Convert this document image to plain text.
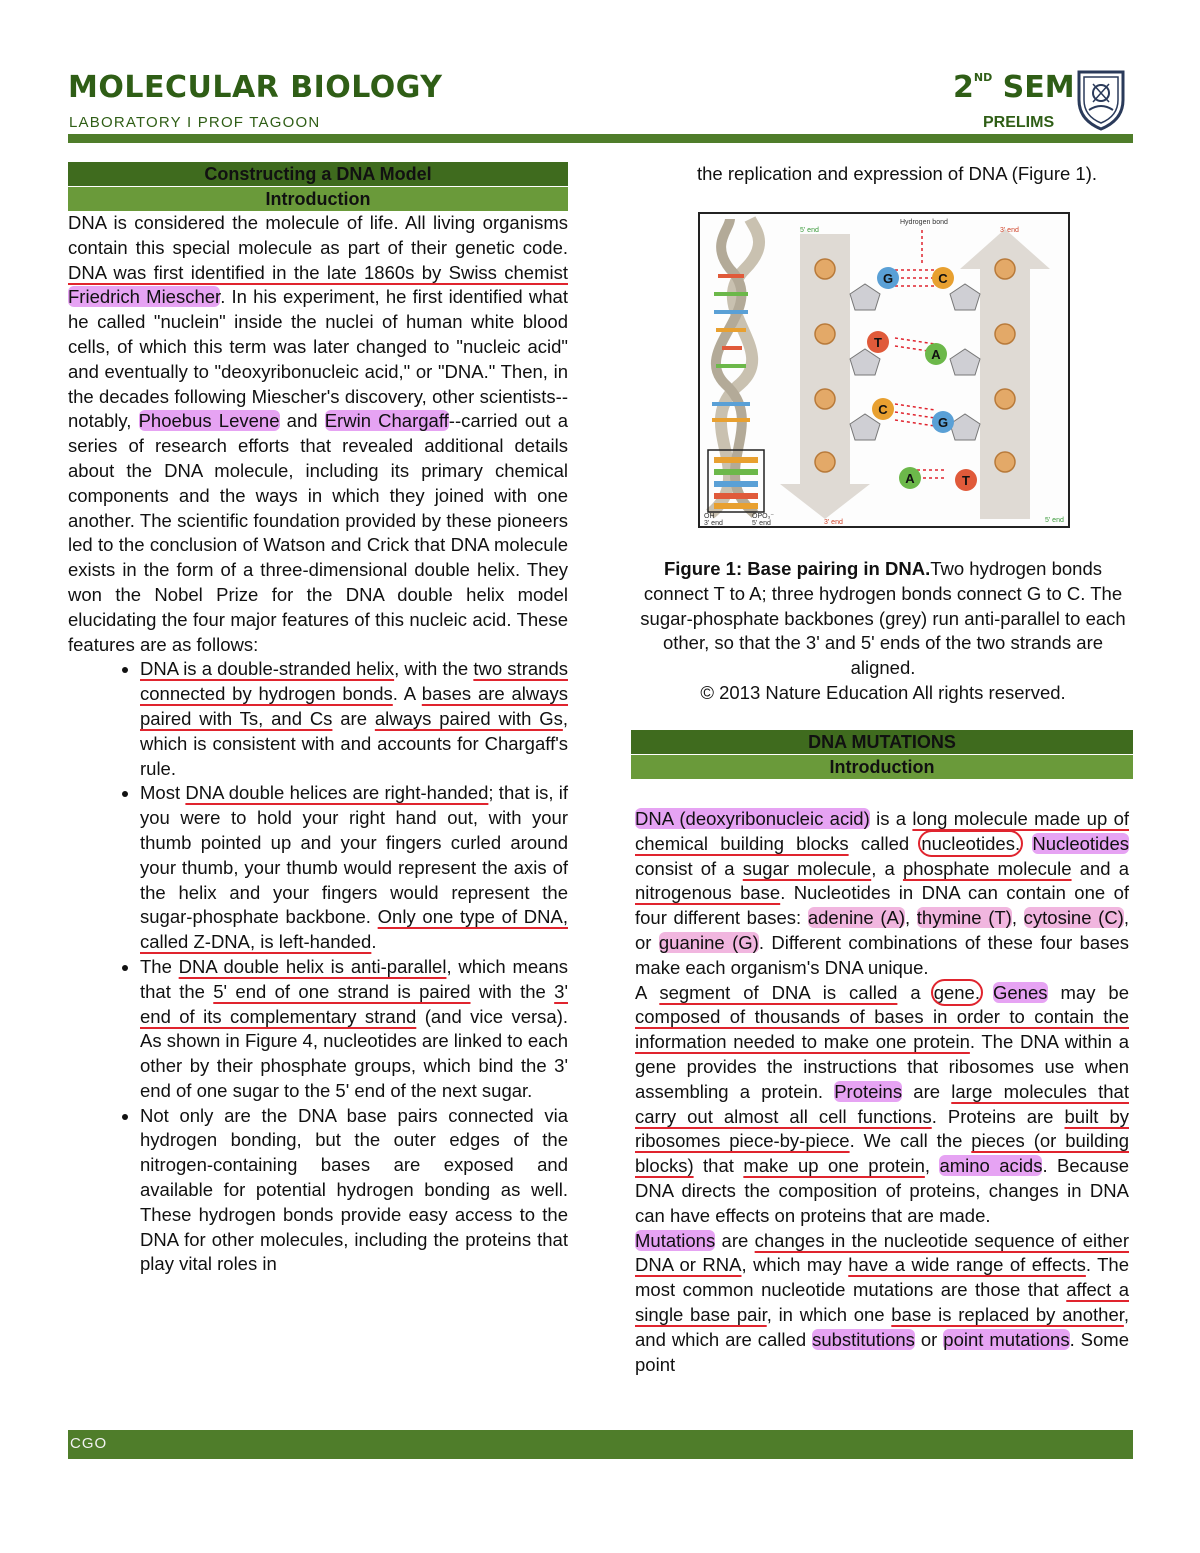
MOLECULAR BIOLOGY
LABORATORY I PROF TAGOON
2ND SEM
PRELIMS
Constructing a DNA Model
Introduction

DNA is considered the molecule of life. All living organisms contain this special molecule as part of their genetic code. DNA was first identified in the late 1860s by Swiss chemist Friedrich Miescher. In his experiment, he first identified what he called "nuclein" inside the nuclei of human white blood cells, of which this term was later changed to "nucleic acid" and eventually to "deoxyribonucleic acid," or "DNA." Then, in the decades following Miescher's discovery, other scientists--notably, Phoebus Levene and Erwin Chargaff--carried out a series of research efforts that revealed additional details about the DNA molecule, including its primary chemical components and the ways in which they joined with one another. The scientific foundation provided by these pioneers led to the conclusion of Watson and Crick that DNA molecule exists in the form of a three-dimensional double helix. They won the Nobel Prize for the DNA double helix model elucidating the four major features of this nucleic acid. These features are as follows:

• DNA is a double-stranded helix, with the two strands connected by hydrogen bonds. A bases are always paired with Ts, and Cs are always paired with Gs, which is consistent with and accounts for Chargaff's rule.
• Most DNA double helices are right-handed; that is, if you were to hold your right hand out, with your thumb pointed up and your fingers curled around your thumb, your thumb would represent the axis of the helix and your fingers would represent the sugar-phosphate backbone. Only one type of DNA, called Z-DNA, is left-handed.
• The DNA double helix is anti-parallel, which means that the 5' end of one strand is paired with the 3' end of its complementary strand (and vice versa). As shown in Figure 4, nucleotides are linked to each other by their phosphate groups, which bind the 3' end of one sugar to the 5' end of the next sugar.
• Not only are the DNA base pairs connected via hydrogen bonding, but the outer edges of the nitrogen-containing bases are exposed and available for potential hydrogen bonding as well. These hydrogen bonds provide easy access to the DNA for other molecules, including the proteins that play vital roles in
the replication and expression of DNA (Figure 1).
G	C
T
A
C
G
A	T
Hydrogen bond
5' end	3' end
OH
3' end
OPO₃⁻
5' end	3' end	5' end
Figure 1: Base pairing in DNA.Two hydrogen bonds connect T to A; three hydrogen bonds connect G to C. The sugar-phosphate backbones (grey) run anti-parallel to each other, so that the 3' and 5' ends of the two strands are aligned.
© 2013 Nature Education All rights reserved.
DNA MUTATIONS
Introduction

DNA (deoxyribonucleic acid) is a long molecule made up of chemical building blocks called nucleotides. Nucleotides consist of a sugar molecule, a phosphate molecule and a nitrogenous base. Nucleotides in DNA can contain one of four different bases: adenine (A), thymine (T), cytosine (C), or guanine (G). Different combinations of these four bases make each organism's DNA unique.

A segment of DNA is called a gene. Genes may be composed of thousands of bases in order to contain the information needed to make one protein. The DNA within a gene provides the instructions that ribosomes use when assembling a protein. Proteins are large molecules that carry out almost all cell functions. Proteins are built by ribosomes piece-by-piece. We call the pieces (or building blocks) that make up one protein, amino acids. Because DNA directs the composition of proteins, changes in DNA can have effects on proteins that are made.

Mutations are changes in the nucleotide sequence of either DNA or RNA, which may have a wide range of effects. The most common nucleotide mutations are those that affect a single base pair, in which one base is replaced by another, and which are called substitutions or point mutations. Some point

CGO
